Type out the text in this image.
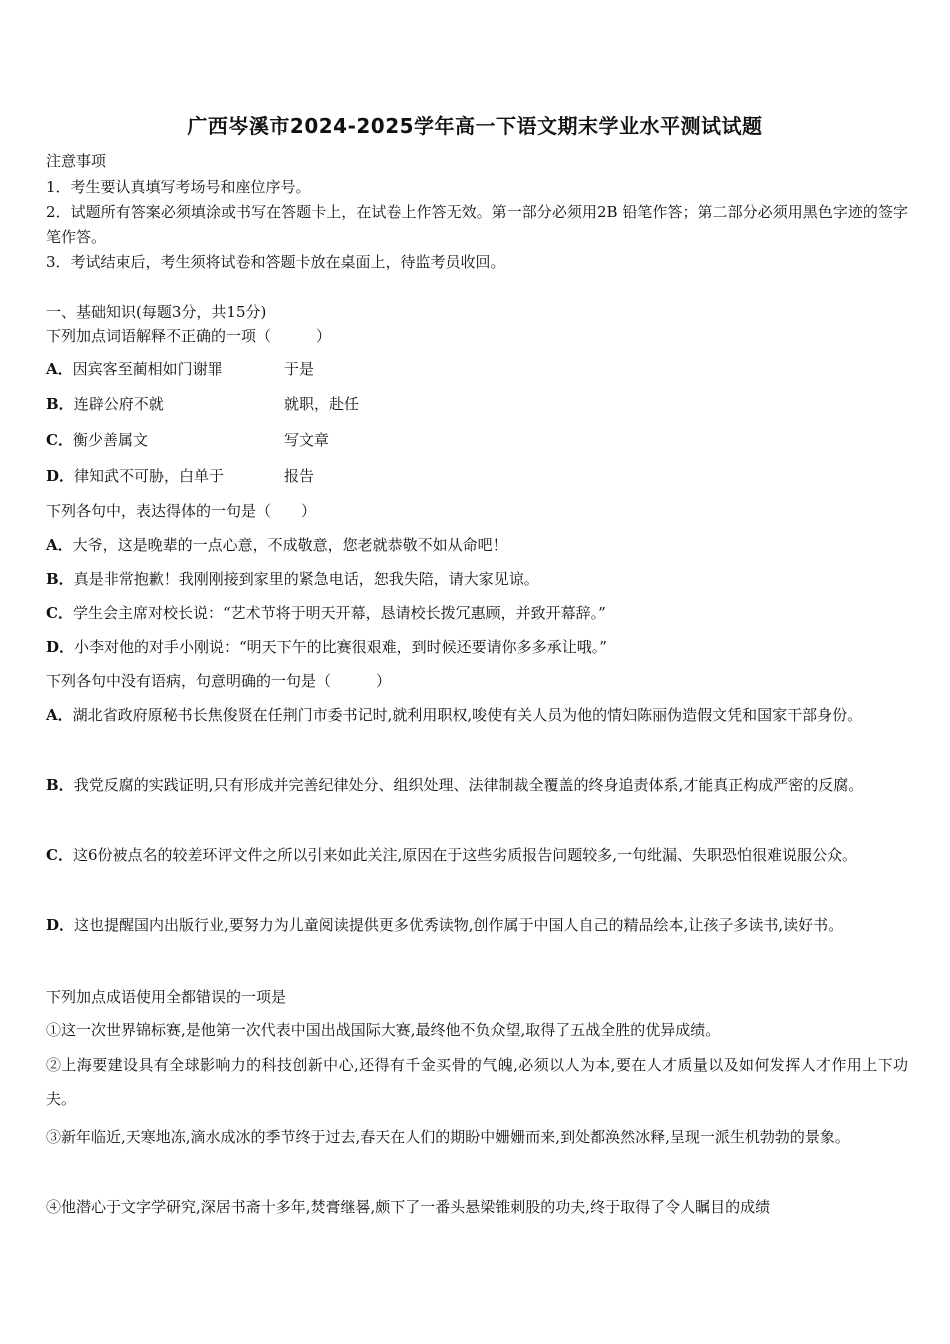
广西岑溪市2024-2025学年高一下语文期末学业水平测试试题
注意事项
1．考生要认真填写考场号和座位序号。
2．试题所有答案必须填涂或书写在答题卡上，在试卷上作答无效。第一部分必须用2B 铅笔作答；第二部分必须用黑色字迹的签字笔作答。
3．考试结束后，考生须将试卷和答题卡放在桌面上，待监考员收回。
一、基础知识(每题3分，共15分)
下列加点词语解释不正确的一项（　　　）
A．因宾客至蔺相如门谢罪	于是
B．连辟公府不就	就职，赴任
C．衡少善属文	写文章
D．律知武不可胁，白单于	报告
下列各句中，表达得体的一句是（　　）
A．大爷，这是晚辈的一点心意，不成敬意，您老就恭敬不如从命吧！
B．真是非常抱歉！我刚刚接到家里的紧急电话，恕我失陪，请大家见谅。
C．学生会主席对校长说：“艺术节将于明天开幕，恳请校长拨冗惠顾，并致开幕辞。”
D．小李对他的对手小刚说：“明天下午的比赛很艰难，到时候还要请你多多承让哦。”
下列各句中没有语病，句意明确的一句是（　　　）
A．湖北省政府原秘书长焦俊贤在任荆门市委书记时,就利用职权,唆使有关人员为他的情妇陈丽伪造假文凭和国家干部身份。
B．我党反腐的实践证明,只有形成并完善纪律处分、组织处理、法律制裁全覆盖的终身追责体系,才能真正构成严密的反腐。
C．这6份被点名的较差环评文件之所以引来如此关注,原因在于这些劣质报告问题较多,一句纰漏、失职恐怕很难说服公众。
D．这也提醒国内出版行业,要努力为儿童阅读提供更多优秀读物,创作属于中国人自己的精品绘本,让孩子多读书,读好书。
下列加点成语使用全都错误的一项是
①这一次世界锦标赛,是他第一次代表中国出战国际大赛,最终他不负众望,取得了五战全胜的优异成绩。
②上海要建设具有全球影响力的科技创新中心,还得有千金买骨的气魄,必须以人为本,要在人才质量以及如何发挥人才作用上下功夫。
③新年临近,天寒地冻,滴水成冰的季节终于过去,春天在人们的期盼中姗姗而来,到处都涣然冰释,呈现一派生机勃勃的景象。
④他潜心于文字学研究,深居书斋十多年,焚膏继晷,颇下了一番头悬梁锥刺股的功夫,终于取得了令人瞩目的成绩
